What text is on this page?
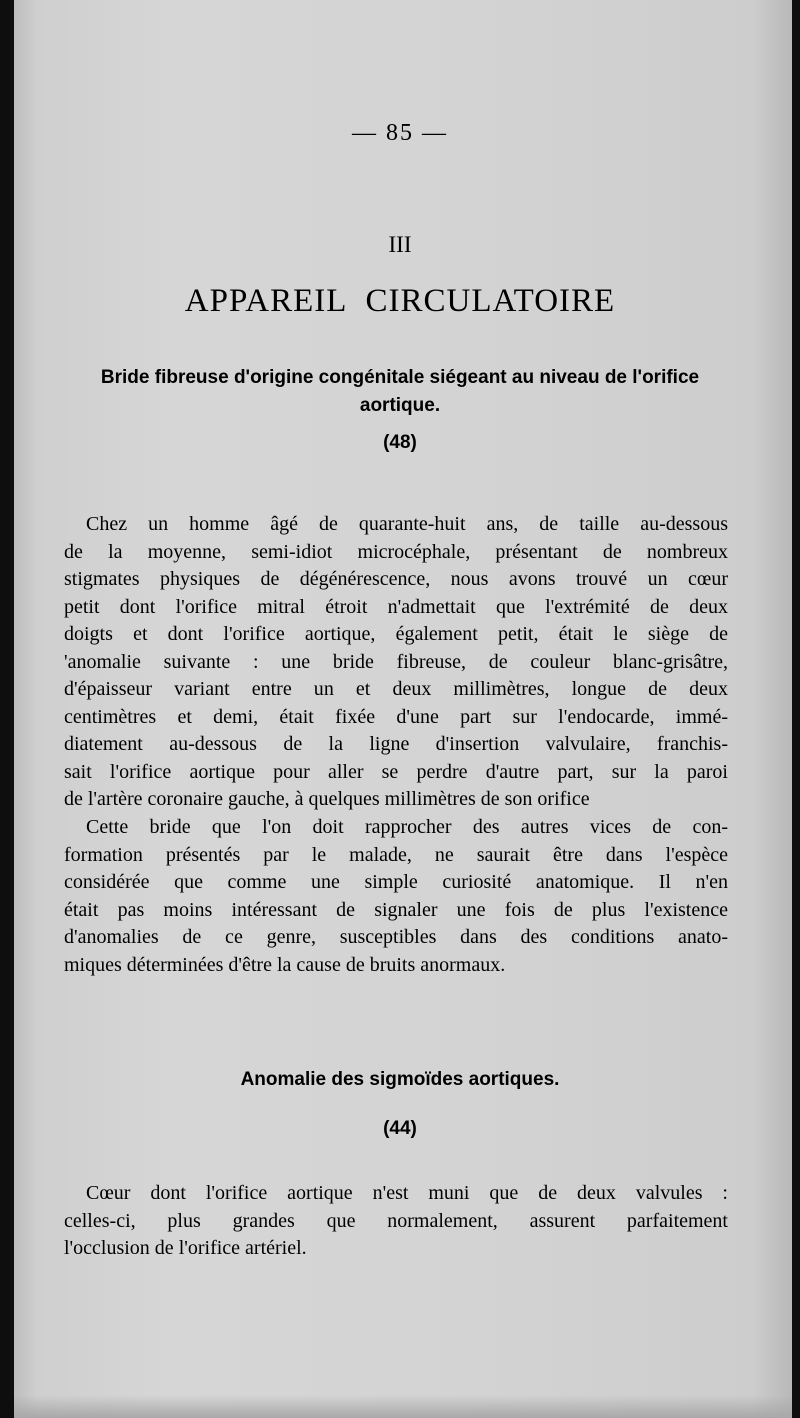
— 85 —
III
APPAREIL CIRCULATOIRE
Bride fibreuse d'origine congénitale siégeant au niveau de l'orifice aortique.
(48)
Chez un homme âgé de quarante-huit ans, de taille au-dessous
de la moyenne, semi-idiot microcéphale, présentant de nombreux
stigmates physiques de dégénérescence, nous avons trouvé un cœur
petit dont l'orifice mitral étroit n'admettait que l'extrémité de deux
doigts et dont l'orifice aortique, également petit, était le siège de
'anomalie suivante : une bride fibreuse, de couleur blanc-grisâtre,
d'épaisseur variant entre un et deux millimètres, longue de deux
centimètres et demi, était fixée d'une part sur l'endocarde, immé-
diatement au-dessous de la ligne d'insertion valvulaire, franchis-
sait l'orifice aortique pour aller se perdre d'autre part, sur la paroi
de l'artère coronaire gauche, à quelques millimètres de son orifice
Cette bride que l'on doit rapprocher des autres vices de con-
formation présentés par le malade, ne saurait être dans l'espèce
considérée que comme une simple curiosité anatomique. Il n'en
était pas moins intéressant de signaler une fois de plus l'existence
d'anomalies de ce genre, susceptibles dans des conditions anato-
miques déterminées d'être la cause de bruits anormaux.
Anomalie des sigmoïdes aortiques.
(44)
Cœur dont l'orifice aortique n'est muni que de deux valvules :
celles-ci, plus grandes que normalement, assurent parfaitement
l'occlusion de l'orifice artériel.
